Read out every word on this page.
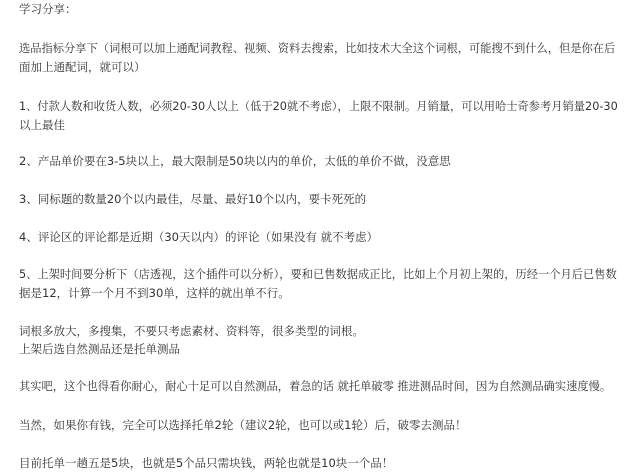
学习分享：
选品指标分享下（词根可以加上通配词教程、视频、资料去搜索，比如技术大全这个词根，可能搜不到什么，但是你在后
面加上通配词，就可以）
1、付款人数和收货人数，必须20-30人以上（低于20就不考虑），上限不限制。月销量，可以用哈士奇参考月销量20-30
以上最佳
2、产品单价要在3-5块以上，最大限制是50块以内的单价，太低的单价不做，没意思
3、同标题的数量20个以内最佳，尽量、最好10个以内，要卡死死的
4、评论区的评论都是近期（30天以内）的评论（如果没有 就不考虑）
5、上架时间要分析下（店透视，这个插件可以分析），要和已售数据成正比，比如上个月初上架的，历经一个月后已售数
据是12，计算一个月不到30单，这样的就出单不行。
词根多放大，多搜集，不要只考虑素材、资料等，很多类型的词根。
上架后选自然测品还是托单测品
其实吧，这个也得看你耐心，耐心十足可以自然测品，着急的话 就托单破零 推进测品时间，因为自然测品确实速度慢。
当然，如果你有钱，完全可以选择托单2轮（建议2轮，也可以或1轮）后，破零去测品！
目前托单一趟五是5块，也就是5个品只需块钱，两轮也就是10块一个品！
